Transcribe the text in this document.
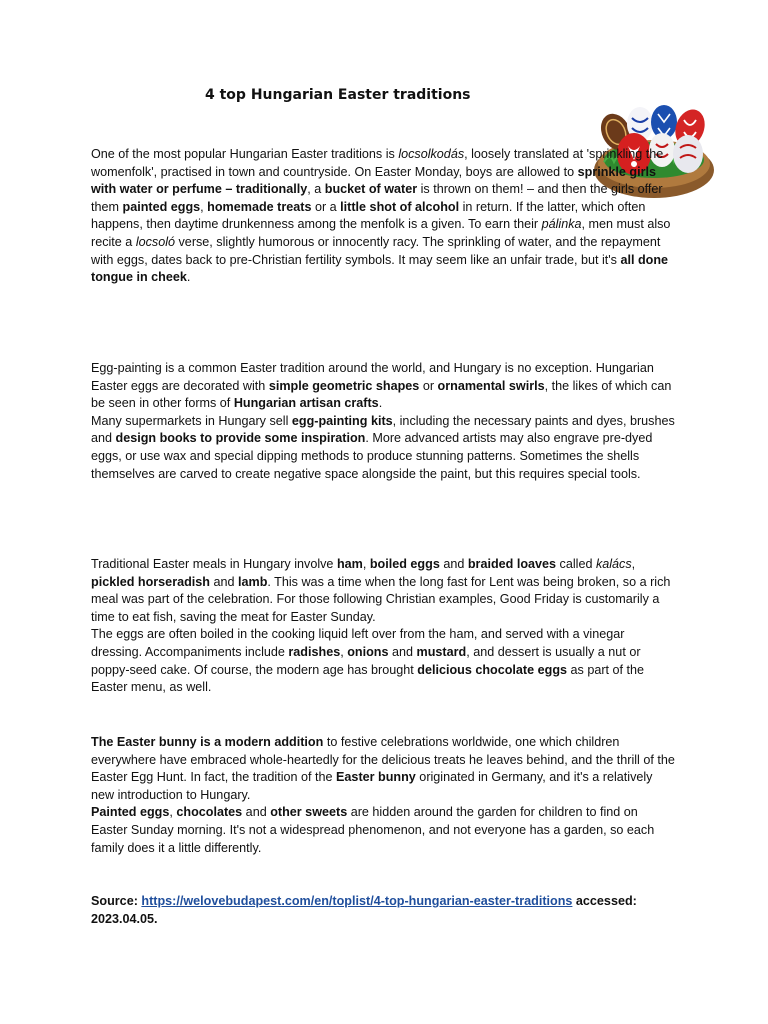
4 top Hungarian Easter traditions

One of the most popular Hungarian Easter traditions is locsolkodás, loosely translated at 'sprinkling the womenfolk', practised in town and countryside. On Easter Monday, boys are allowed to sprinkle girls with water or perfume – traditionally, a bucket of water is thrown on them! – and then the girls offer them painted eggs, homemade treats or a little shot of alcohol in return. If the latter, which often happens, then daytime drunkenness among the menfolk is a given. To earn their pálinka, men must also recite a locsoló verse, slightly humorous or innocently racy. The sprinkling of water, and the repayment with eggs, dates back to pre-Christian fertility symbols. It may seem like an unfair trade, but it's all done tongue in cheek.

Egg-painting is a common Easter tradition around the world, and Hungary is no exception. Hungarian Easter eggs are decorated with simple geometric shapes or ornamental swirls, the likes of which can be seen in other forms of Hungarian artisan crafts.

Many supermarkets in Hungary sell egg-painting kits, including the necessary paints and dyes, brushes and design books to provide some inspiration. More advanced artists may also engrave pre-dyed eggs, or use wax and special dipping methods to produce stunning patterns. Sometimes the shells themselves are carved to create negative space alongside the paint, but this requires special tools.

Traditional Easter meals in Hungary involve ham, boiled eggs and braided loaves called kalács, pickled horseradish and lamb. This was a time when the long fast for Lent was being broken, so a rich meal was part of the celebration. For those following Christian examples, Good Friday is customarily a time to eat fish, saving the meat for Easter Sunday.

The eggs are often boiled in the cooking liquid left over from the ham, and served with a vinegar dressing. Accompaniments include radishes, onions and mustard, and dessert is usually a nut or poppy-seed cake. Of course, the modern age has brought delicious chocolate eggs as part of the Easter menu, as well.

The Easter bunny is a modern addition to festive celebrations worldwide, one which children everywhere have embraced whole-heartedly for the delicious treats he leaves behind, and the thrill of the Easter Egg Hunt. In fact, the tradition of the Easter bunny originated in Germany, and it's a relatively new introduction to Hungary.

Painted eggs, chocolates and other sweets are hidden around the garden for children to find on Easter Sunday morning. It's not a widespread phenomenon, and not everyone has a garden, so each family does it a little differently.

Source: https://welovebudapest.com/en/toplist/4-top-hungarian-easter-traditions accessed: 2023.04.05.
